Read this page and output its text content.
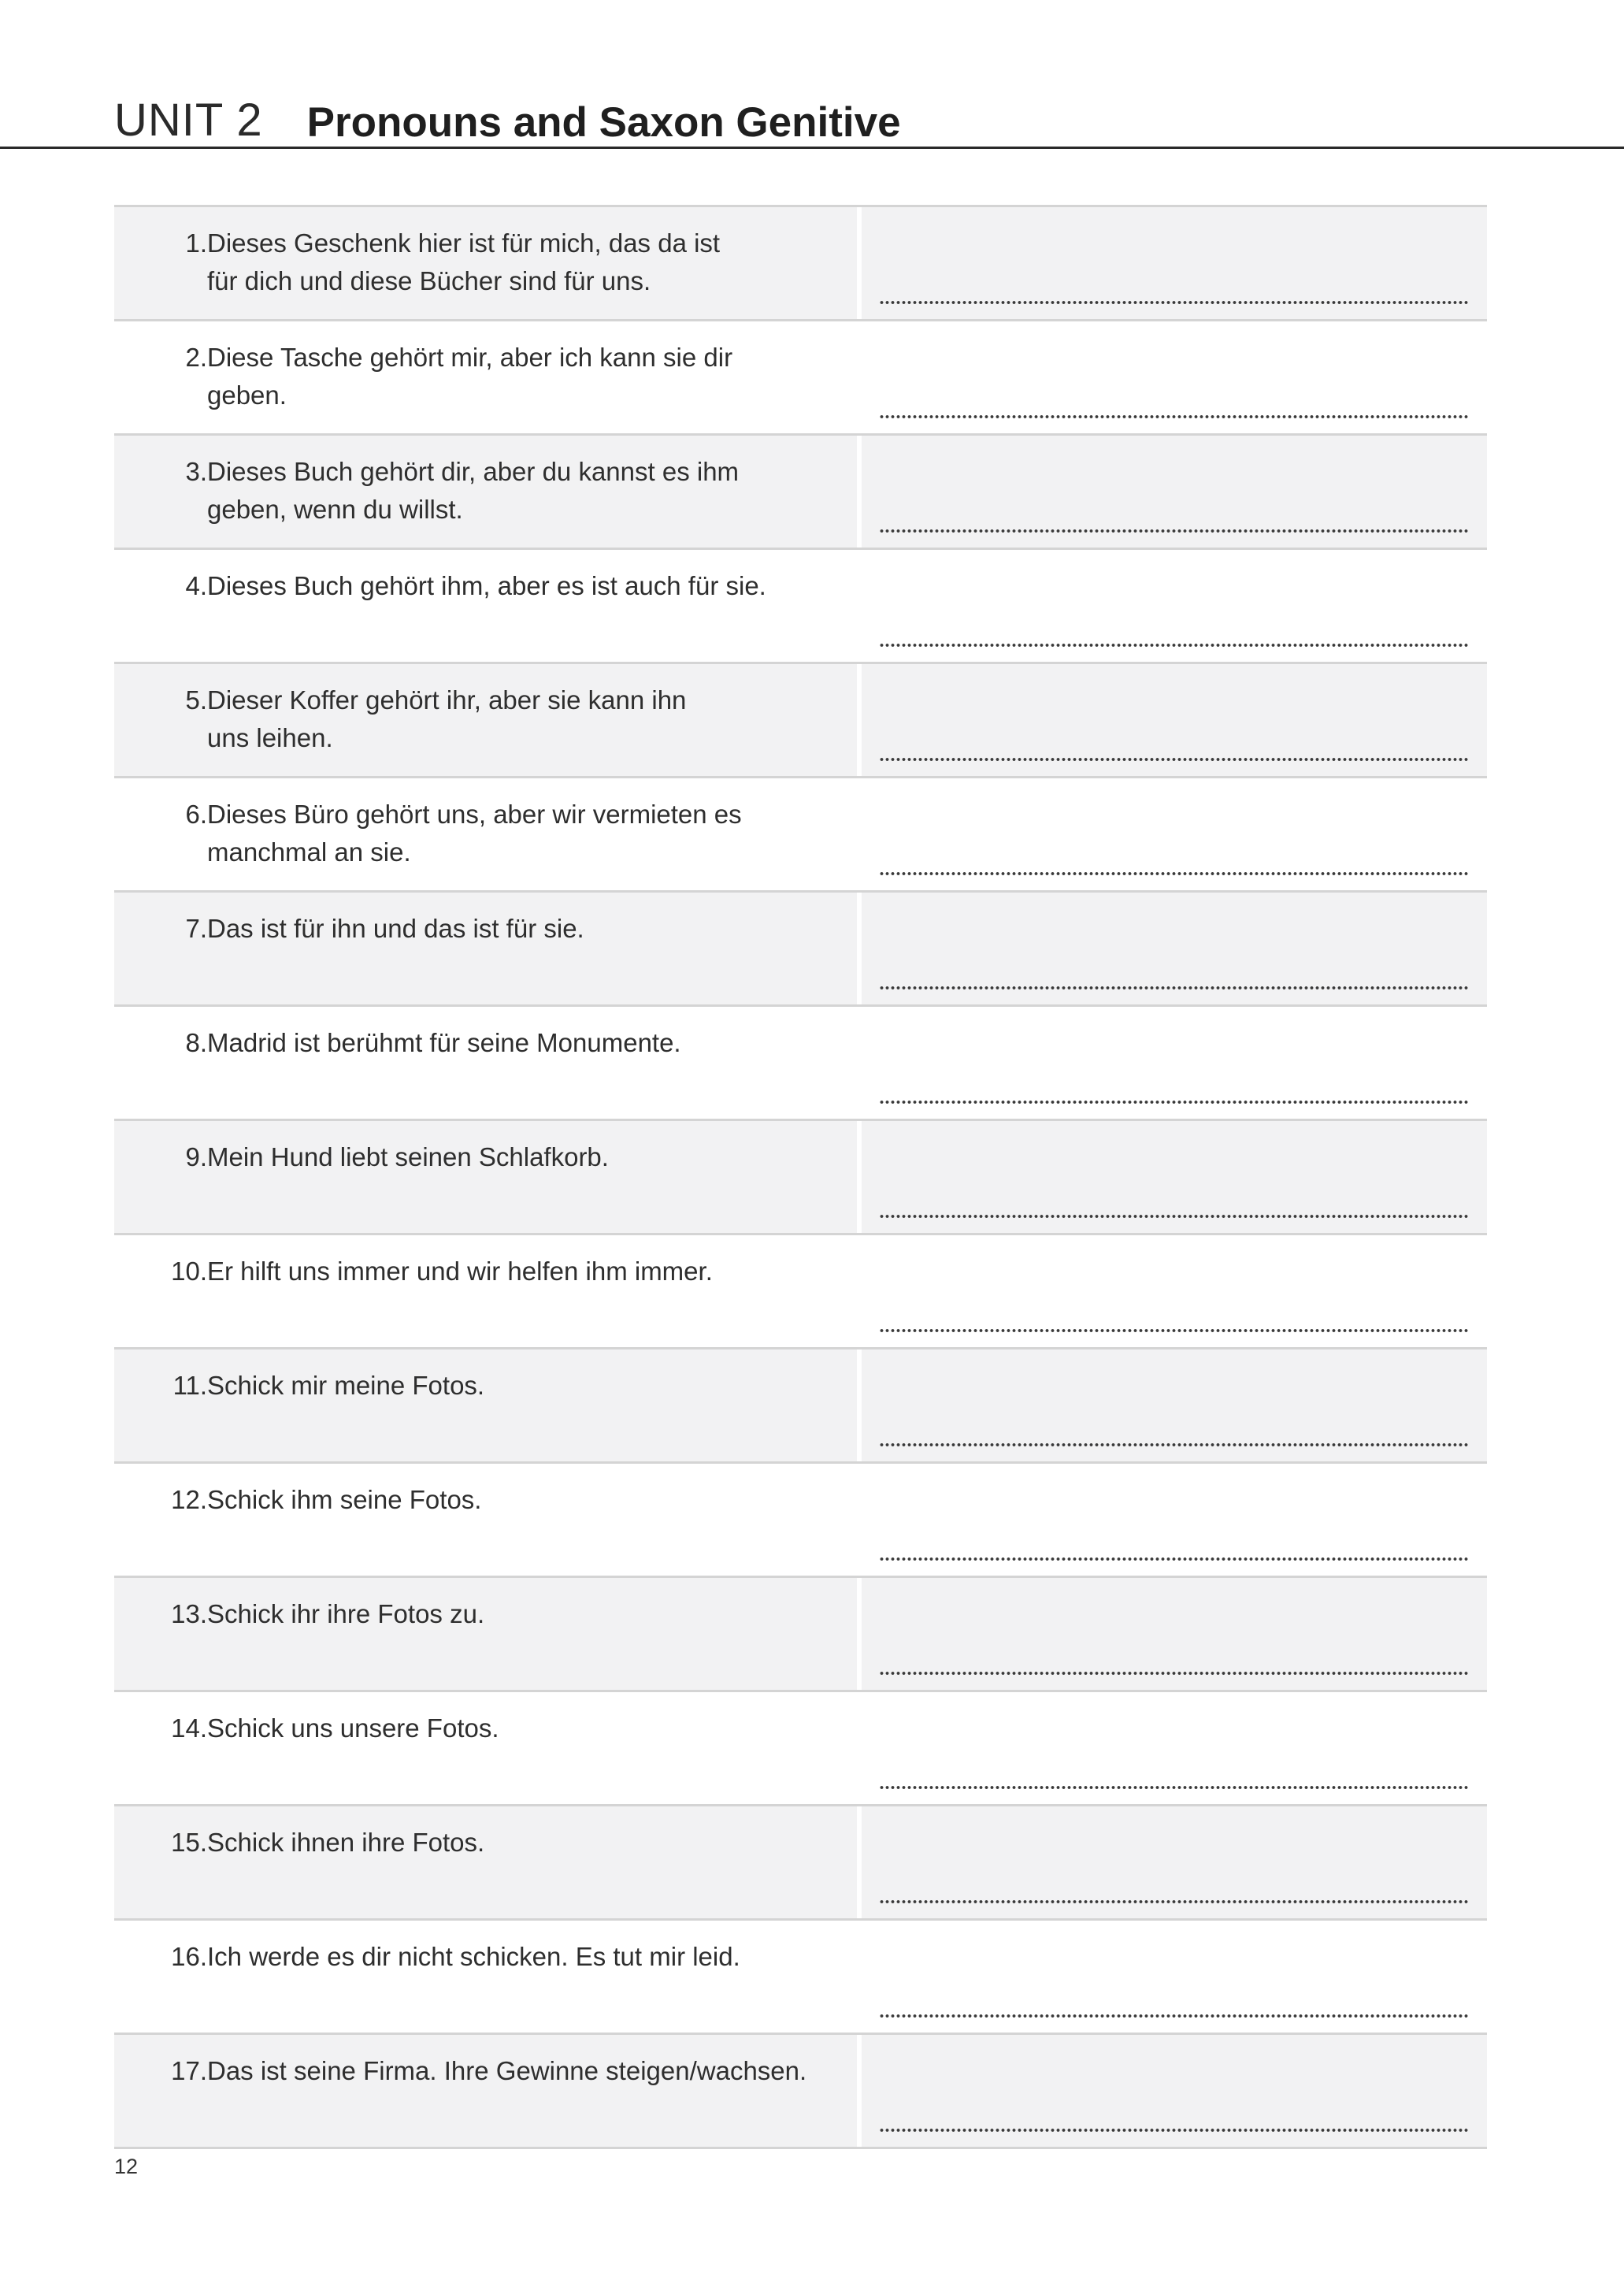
UNIT 2 Pronouns and Saxon Genitive
1. Dieses Geschenk hier ist für mich, das da ist
für dich und diese Bücher sind für uns.
2. Diese Tasche gehört mir, aber ich kann sie dir
geben.
3. Dieses Buch gehört dir, aber du kannst es ihm
geben, wenn du willst.
4. Dieses Buch gehört ihm, aber es ist auch für sie.
5. Dieser Koffer gehört ihr, aber sie kann ihn
uns leihen.
6. Dieses Büro gehört uns, aber wir vermieten es
manchmal an sie.
7. Das ist für ihn und das ist für sie.
8. Madrid ist berühmt für seine Monumente.
9. Mein Hund liebt seinen Schlafkorb.
10. Er hilft uns immer und wir helfen ihm immer.
11. Schick mir meine Fotos.
12. Schick ihm seine Fotos.
13. Schick ihr ihre Fotos zu.
14. Schick uns unsere Fotos.
15. Schick ihnen ihre Fotos.
16. Ich werde es dir nicht schicken. Es tut mir leid.
17. Das ist seine Firma. Ihre Gewinne steigen/wachsen.
12
